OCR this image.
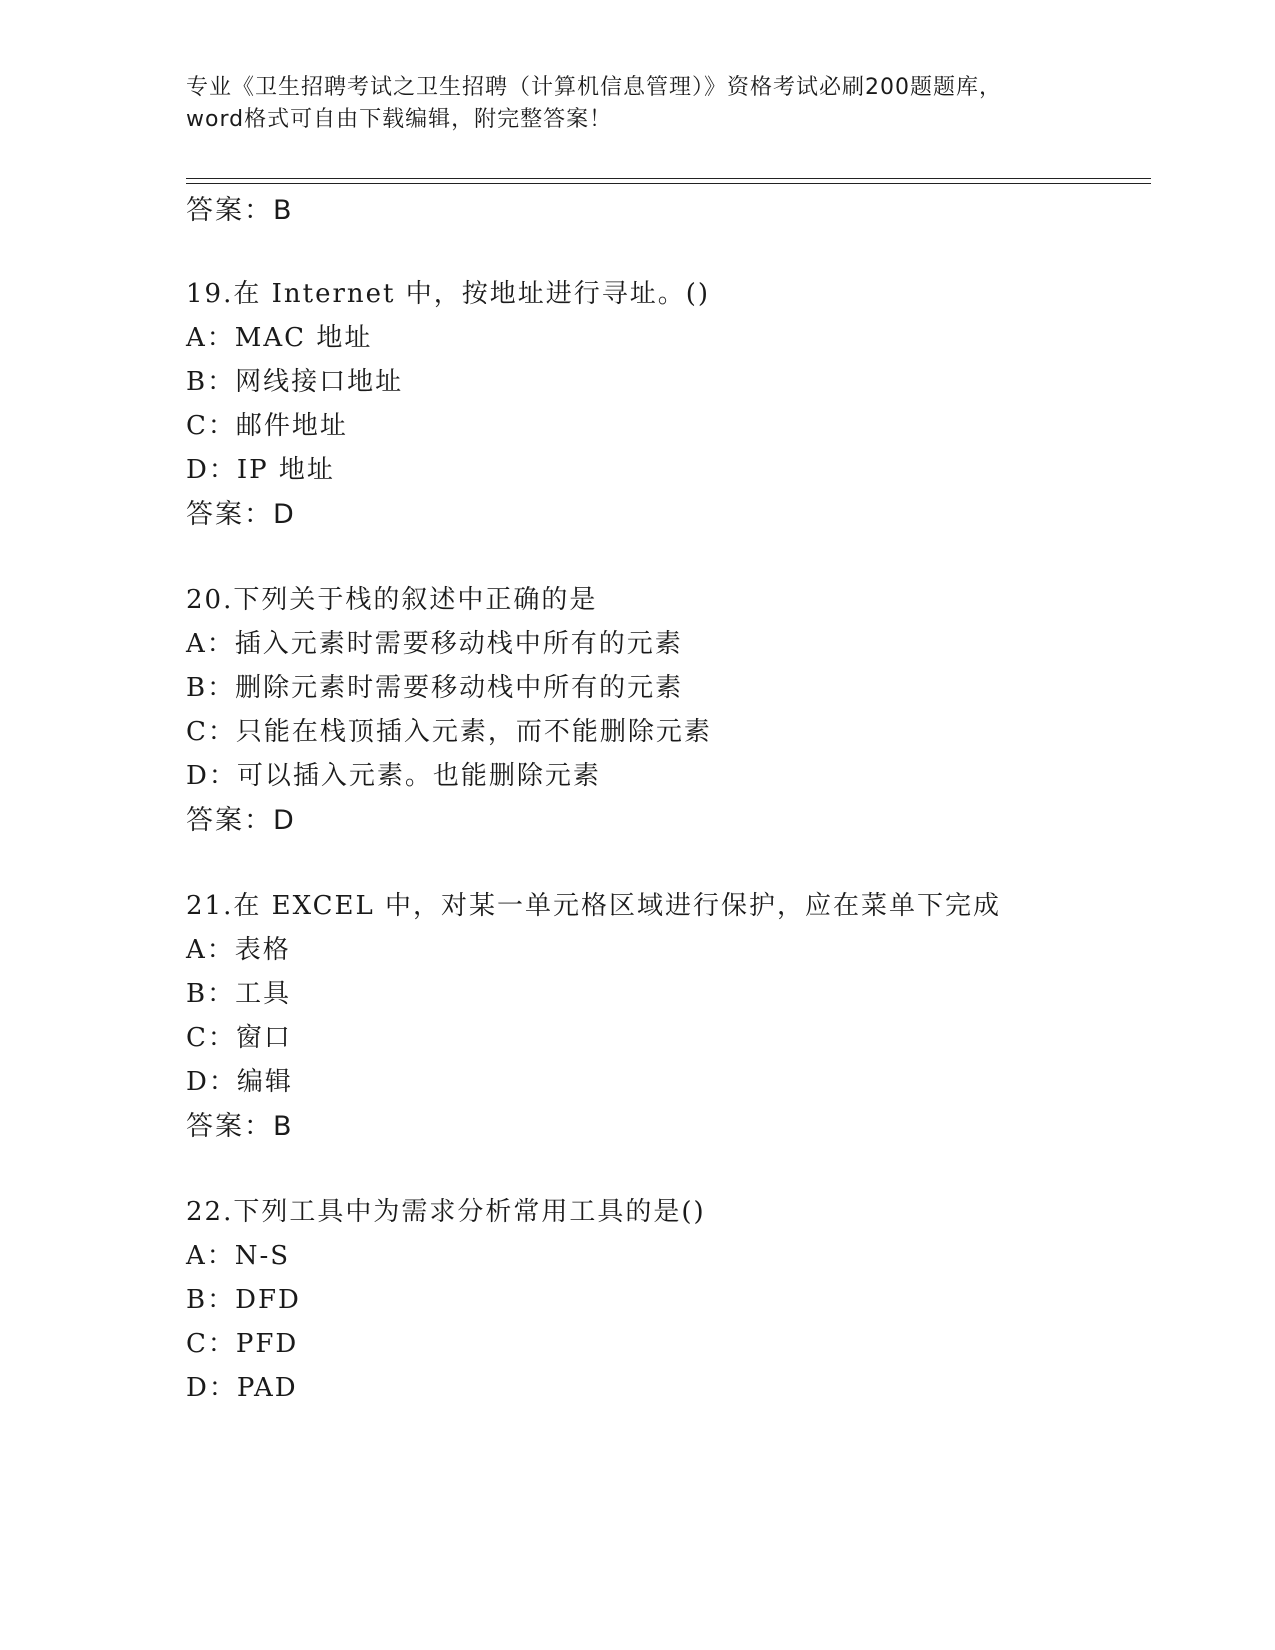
专业《卫生招聘考试之卫生招聘（计算机信息管理）》资格考试必刷200题题库，
word格式可自由下载编辑，附完整答案！
答案：B
19.在 Internet 中，按地址进行寻址。()
A：MAC 地址
B：网线接口地址
C：邮件地址
D：IP 地址
答案：D
20.下列关于栈的叙述中正确的是
A：插入元素时需要移动栈中所有的元素
B：删除元素时需要移动栈中所有的元素
C：只能在栈顶插入元素，而不能删除元素
D：可以插入元素。也能删除元素
答案：D
21.在 EXCEL 中，对某一单元格区域进行保护，应在菜单下完成
A：表格
B：工具
C：窗口
D：编辑
答案：B
22.下列工具中为需求分析常用工具的是()
A：N-S
B：DFD
C：PFD
D：PAD
